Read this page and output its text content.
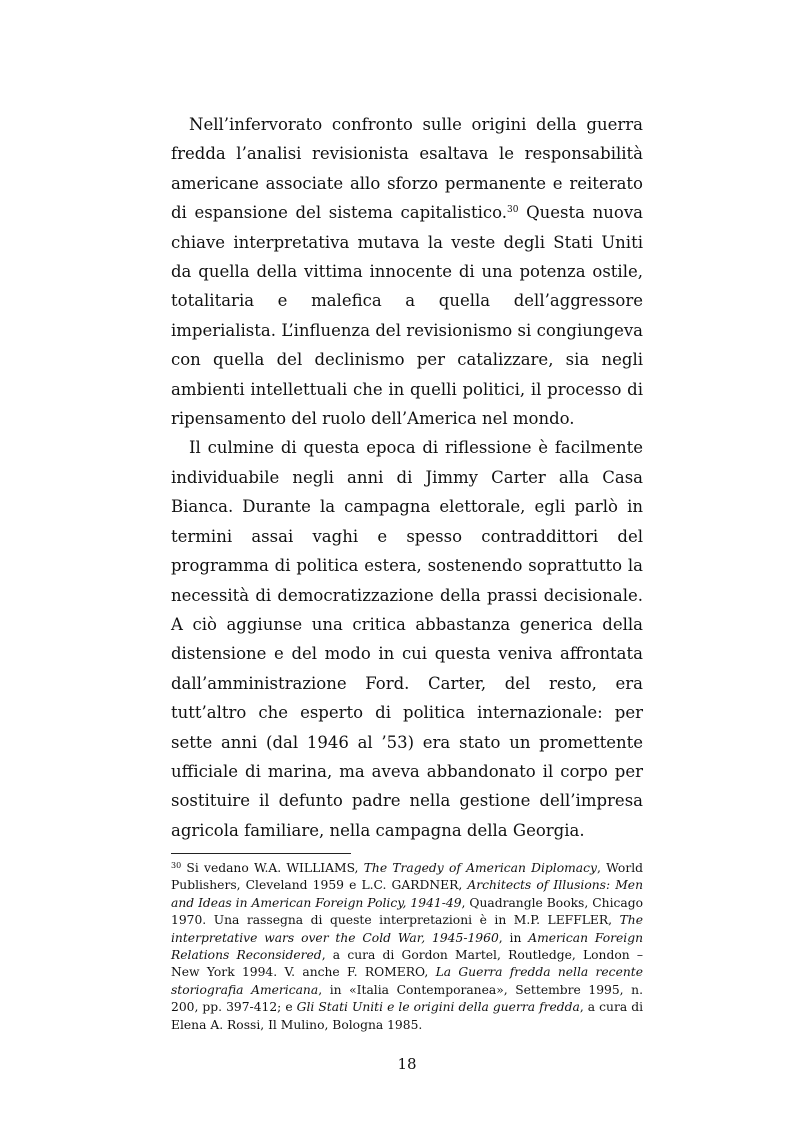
Nell’infervorato confronto sulle origini della guerra fredda l’analisi revisionista esaltava le responsabilità americane associate allo sforzo permanente e reiterato di espansione del sistema capitalistico.$^{30}$ Questa nuova chiave interpretativa mutava la veste degli Stati Uniti da quella della vittima innocente di una potenza ostile, totalitaria e malefica a quella dell’aggressore imperialista. L’influenza del revisionismo si congiungeva con quella del declinismo per catalizzare, sia negli ambienti intellettuali che in quelli politici, il processo di ripensamento del ruolo dell’America nel mondo.

Il culmine di questa epoca di riflessione è facilmente individuabile negli anni di Jimmy Carter alla Casa Bianca. Durante la campagna elettorale, egli parlò in termini assai vaghi e spesso contraddittori del programma di politica estera, sostenendo soprattutto la necessità di democratizzazione della prassi decisionale. A ciò aggiunse una critica abbastanza generica della distensione e del modo in cui questa veniva affrontata dall’amministrazione Ford. Carter, del resto, era tutt’altro che esperto di politica internazionale: per sette anni (dal 1946 al ’53) era stato un promettente ufficiale di marina, ma aveva abbandonato il corpo per sostituire il defunto padre nella gestione dell’impresa agricola familiare, nella campagna della Georgia.

$^{30}$ Si vedano W.A. WILLIAMS, The Tragedy of American Diplomacy, World Publishers, Cleveland 1959 e L.C. GARDNER, Architects of Illusions: Men and Ideas in American Foreign Policy, 1941-49, Quadrangle Books, Chicago 1970. Una rassegna di queste interpretazioni è in M.P. LEFFLER, The interpretative wars over the Cold War, 1945-1960, in American Foreign Relations Reconsidered, a cura di Gordon Martel, Routledge, London – New York 1994. V. anche F. ROMERO, La Guerra fredda nella recente storiografia Americana, in «Italia Contemporanea», Settembre 1995, n. 200, pp. 397-412; e Gli Stati Uniti e le origini della guerra fredda, a cura di Elena A. Rossi, Il Mulino, Bologna 1985.
18
